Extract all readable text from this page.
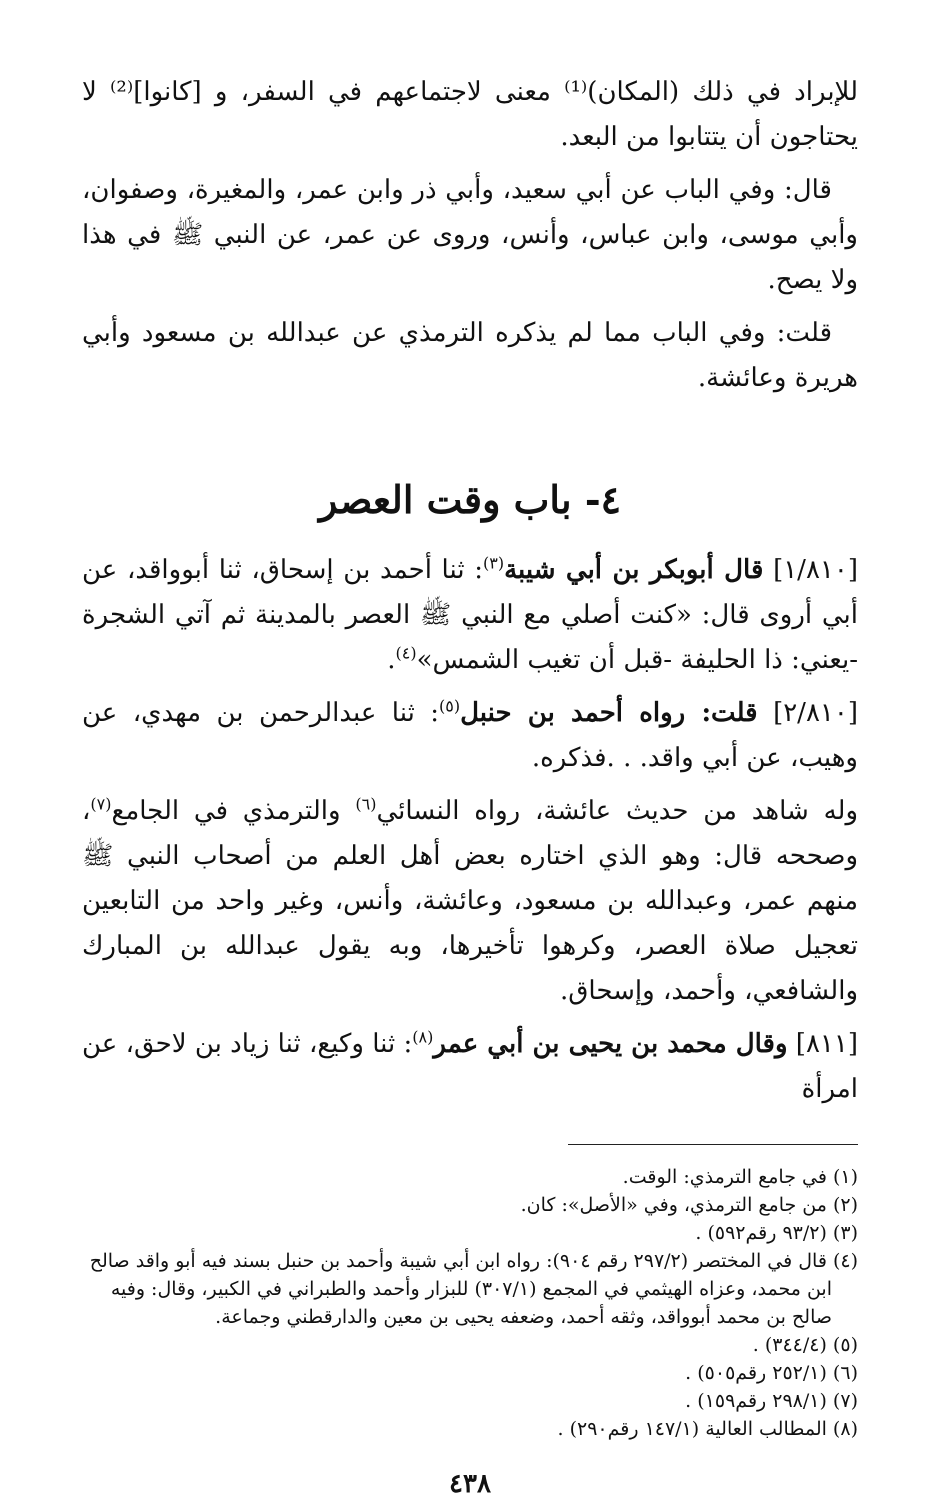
للإبراد في ذلك (المكان)⁽¹⁾ معنى لاجتماعهم في السفر، و [كانوا]⁽²⁾ لا يحتاجون أن يتتابوا من البعد.

قال: وفي الباب عن أبي سعيد، وأبي ذر وابن عمر، والمغيرة، وصفوان، وأبي موسى، وابن عباس، وأنس، وروى عن عمر، عن النبي ﷺ في هذا ولا يصح.

قلت: وفي الباب مما لم يذكره الترمذي عن عبدالله بن مسعود وأبي هريرة وعائشة.

٤- باب وقت العصر

[١/٨١٠] قال أبوبكر بن أبي شيبة$^{(٣)}$: ثنا أحمد بن إسحاق، ثنا أبوواقد، عن أبي أروى قال: «كنت أصلي مع النبي ﷺ العصر بالمدينة ثم آتي الشجرة -يعني: ذا الحليفة -قبل أن تغيب الشمس»$^{(٤)}$.

[٢/٨١٠] قلت: رواه أحمد بن حنبل$^{(٥)}$: ثنا عبدالرحمن بن مهدي، عن وهيب، عن أبي واقد. . .فذكره.

وله شاهد من حديث عائشة، رواه النسائي$^{(٦)}$ والترمذي في الجامع$^{(٧)}$، وصححه قال: وهو الذي اختاره بعض أهل العلم من أصحاب النبي ﷺ منهم عمر، وعبدالله بن مسعود، وعائشة، وأنس، وغير واحد من التابعين تعجيل صلاة العصر، وكرهوا تأخيرها، وبه يقول عبدالله بن المبارك والشافعي، وأحمد، وإسحاق.

[٨١١] وقال محمد بن يحيى بن أبي عمر$^{(٨)}$: ثنا وكيع، ثنا زياد بن لاحق، عن امرأة

(١) في جامع الترمذي: الوقت.

(٢) من جامع الترمذي، وفي «الأصل»: كان.

(٣) (٩٣/٢ رقم٥٩٢) .

(٤) قال في المختصر (٢٩٧/٢ رقم ٩٠٤): رواه ابن أبي شيبة وأحمد بن حنبل بسند فيه أبو واقد صالح

ابن محمد، وعزاه الهيثمي في المجمع (٣٠٧/١) للبزار وأحمد والطبراني في الكبير، وقال: وفيه

صالح بن محمد أبوواقد، وثقه أحمد، وضعفه يحيى بن معين والدارقطني وجماعة.

(٥) (٣٤٤/٤) .

(٦) (٢٥٢/١ رقم٥٠٥) .

(٧) (٢٩٨/١ رقم١٥٩) .

(٨) المطالب العالية (١٤٧/١ رقم٢٩٠) .

٤٣٨
